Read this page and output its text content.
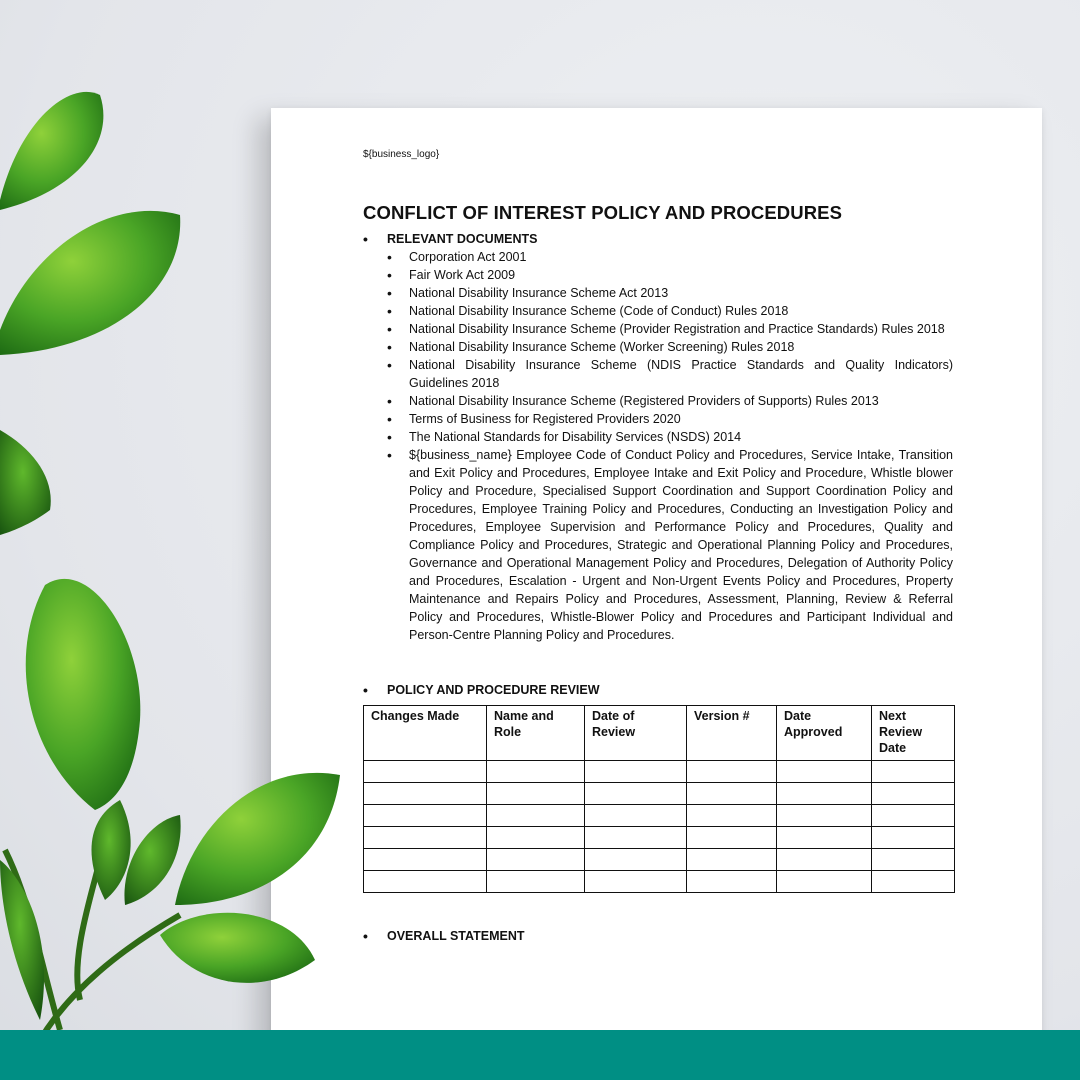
${business_logo}
CONFLICT OF INTEREST POLICY AND PROCEDURES
• RELEVANT DOCUMENTS
• Corporation Act 2001
• Fair Work Act 2009
• National Disability Insurance Scheme Act 2013
• National Disability Insurance Scheme (Code of Conduct) Rules 2018
• National Disability Insurance Scheme (Provider Registration and Practice Standards) Rules 2018
• National Disability Insurance Scheme (Worker Screening) Rules 2018
• National Disability Insurance Scheme (NDIS Practice Standards and Quality Indicators) Guidelines 2018
• National Disability Insurance Scheme (Registered Providers of Supports) Rules 2013
• Terms of Business for Registered Providers 2020
• The National Standards for Disability Services (NSDS) 2014
• ${business_name} Employee Code of Conduct Policy and Procedures, Service Intake, Transition and Exit Policy and Procedures, Employee Intake and Exit Policy and Procedure, Whistle blower Policy and Procedure, Specialised Support Coordination and Support Coordination Policy and Procedures, Employee Training Policy and Procedures, Conducting an Investigation Policy and Procedures, Employee Supervision and Performance Policy and Procedures, Quality and Compliance Policy and Procedures, Strategic and Operational Planning Policy and Procedures, Governance and Operational Management Policy and Procedures, Delegation of Authority Policy and Procedures, Escalation - Urgent and Non-Urgent Events Policy and Procedures, Property Maintenance and Repairs Policy and Procedures, Assessment, Planning, Review & Referral Policy and Procedures, Whistle-Blower Policy and Procedures and Participant Individual and Person-Centre Planning Policy and Procedures.
• POLICY AND PROCEDURE REVIEW
Changes Made	Name and Role	Date of Review	Version #	Date Approved	Next Review Date

• OVERALL STATEMENT
